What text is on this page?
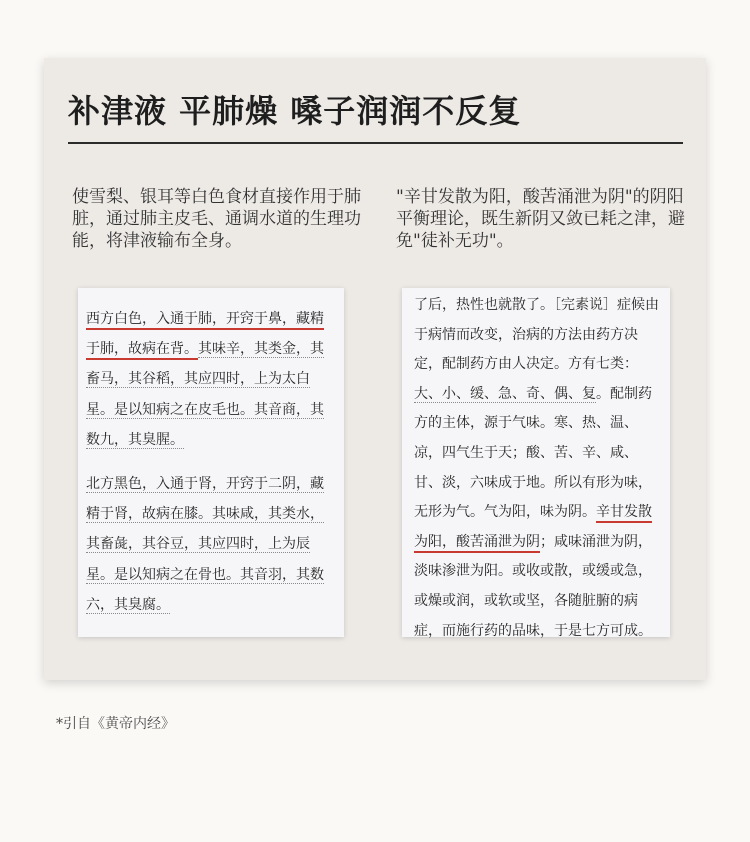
补津液 平肺燥 嗓子润润不反复
使雪梨、银耳等白色食材直接作用于肺脏，通过肺主皮毛、通调水道的生理功能，将津液输布全身。
"辛甘发散为阳，酸苦涌泄为阴"的阴阳平衡理论，既生新阴又敛已耗之津，避免"徒补无功"。

西方白色，入通于肺，开窍于鼻，藏精于肺，故病在背。其味辛，其类金，其畜马，其谷稻，其应四时，上为太白星。是以知病之在皮毛也。其音商，其数九，其臭腥。

北方黑色，入通于肾，开窍于二阴，藏精于肾，故病在膝。其味咸，其类水，其畜彘，其谷豆，其应四时，上为辰星。是以知病之在骨也。其音羽，其数六，其臭腐。

了后，热性也就散了。［完素说］症候由于病情而改变，治病的方法由药方决定，配制药方由人决定。方有七类：大、小、缓、急、奇、偶、复。配制药方的主体，源于气味。寒、热、温、凉，四气生于天；酸、苦、辛、咸、甘、淡，六味成于地。所以有形为味，无形为气。气为阳，味为阴。辛甘发散为阳，酸苦涌泄为阴；咸味涌泄为阴，淡味渗泄为阳。或收或散，或缓或急，或燥或润，或软或坚，各随脏腑的病症，而施行药的品味，于是七方可成。

*引自《黄帝内经》
